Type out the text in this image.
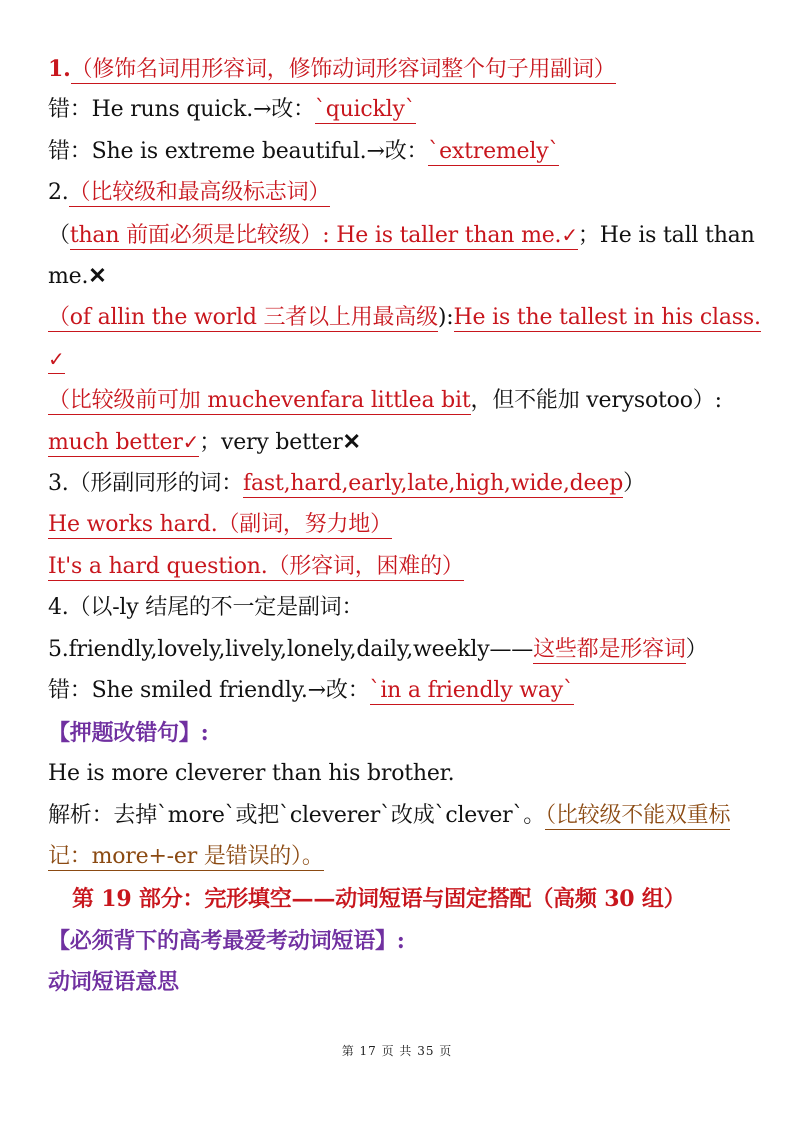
1.（修饰名词用形容词，修饰动词形容词整个句子用副词）
错：He runs quick.→改：`quickly`
错：She is extreme beautiful.→改：`extremely`
2.（比较级和最高级标志词）
（than 前面必须是比较级）: He is taller than me.✓；He is tall than
me.✕
（of allin the world 三者以上用最高级):He is the tallest in his class.
✓
（比较级前可加 muchevenfara littlea bit，但不能加 verysotoo）:
much better✓；very better✕
3.（形副同形的词：fast,hard,early,late,high,wide,deep）
He works hard.（副词，努力地）
It's a hard question.（形容词，困难的）
4.（以-ly 结尾的不一定是副词：
5.friendly,lovely,lively,lonely,daily,weekly——这些都是形容词）
错：She smiled friendly.→改：`in a friendly way`
【押题改错句】:
He is more cleverer than his brother.
解析：去掉`more`或把`cleverer`改成`clever`。（比较级不能双重标
记：more+-er 是错误的）。
第 19 部分：完形填空——动词短语与固定搭配（高频 30 组）
【必须背下的高考最爱考动词短语】:
动词短语意思
第 17 页 共 35 页
